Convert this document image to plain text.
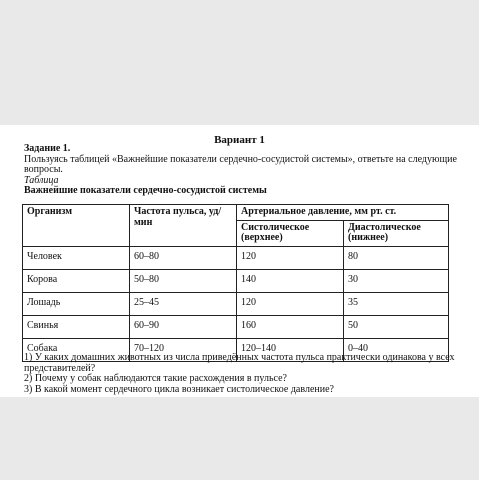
Вариант 1
Задание 1.
Пользуясь таблицей «Важнейшие показатели сердечно-сосудистой системы», ответьте на следующие вопросы.
Таблица
Важнейшие показатели сердечно-сосудистой системы
Организм	Частота пульса, уд/мин	Артериальное давление, мм рт. ст.	
		Систолическое (верхнее)	Диастолическое (нижнее)
Человек	60–80	120	80
Корова	50–80	140	30
Лошадь	25–45	120	35
Свинья	60–90	160	50
Собака	70–120	120–140	0–40
1) У каких домашних животных из числа приведённых частота пульса практически одинакова у всех представителей?
2) Почему у собак наблюдаются такие расхождения в пульсе?
3) В какой момент сердечного цикла возникает систолическое давление?
